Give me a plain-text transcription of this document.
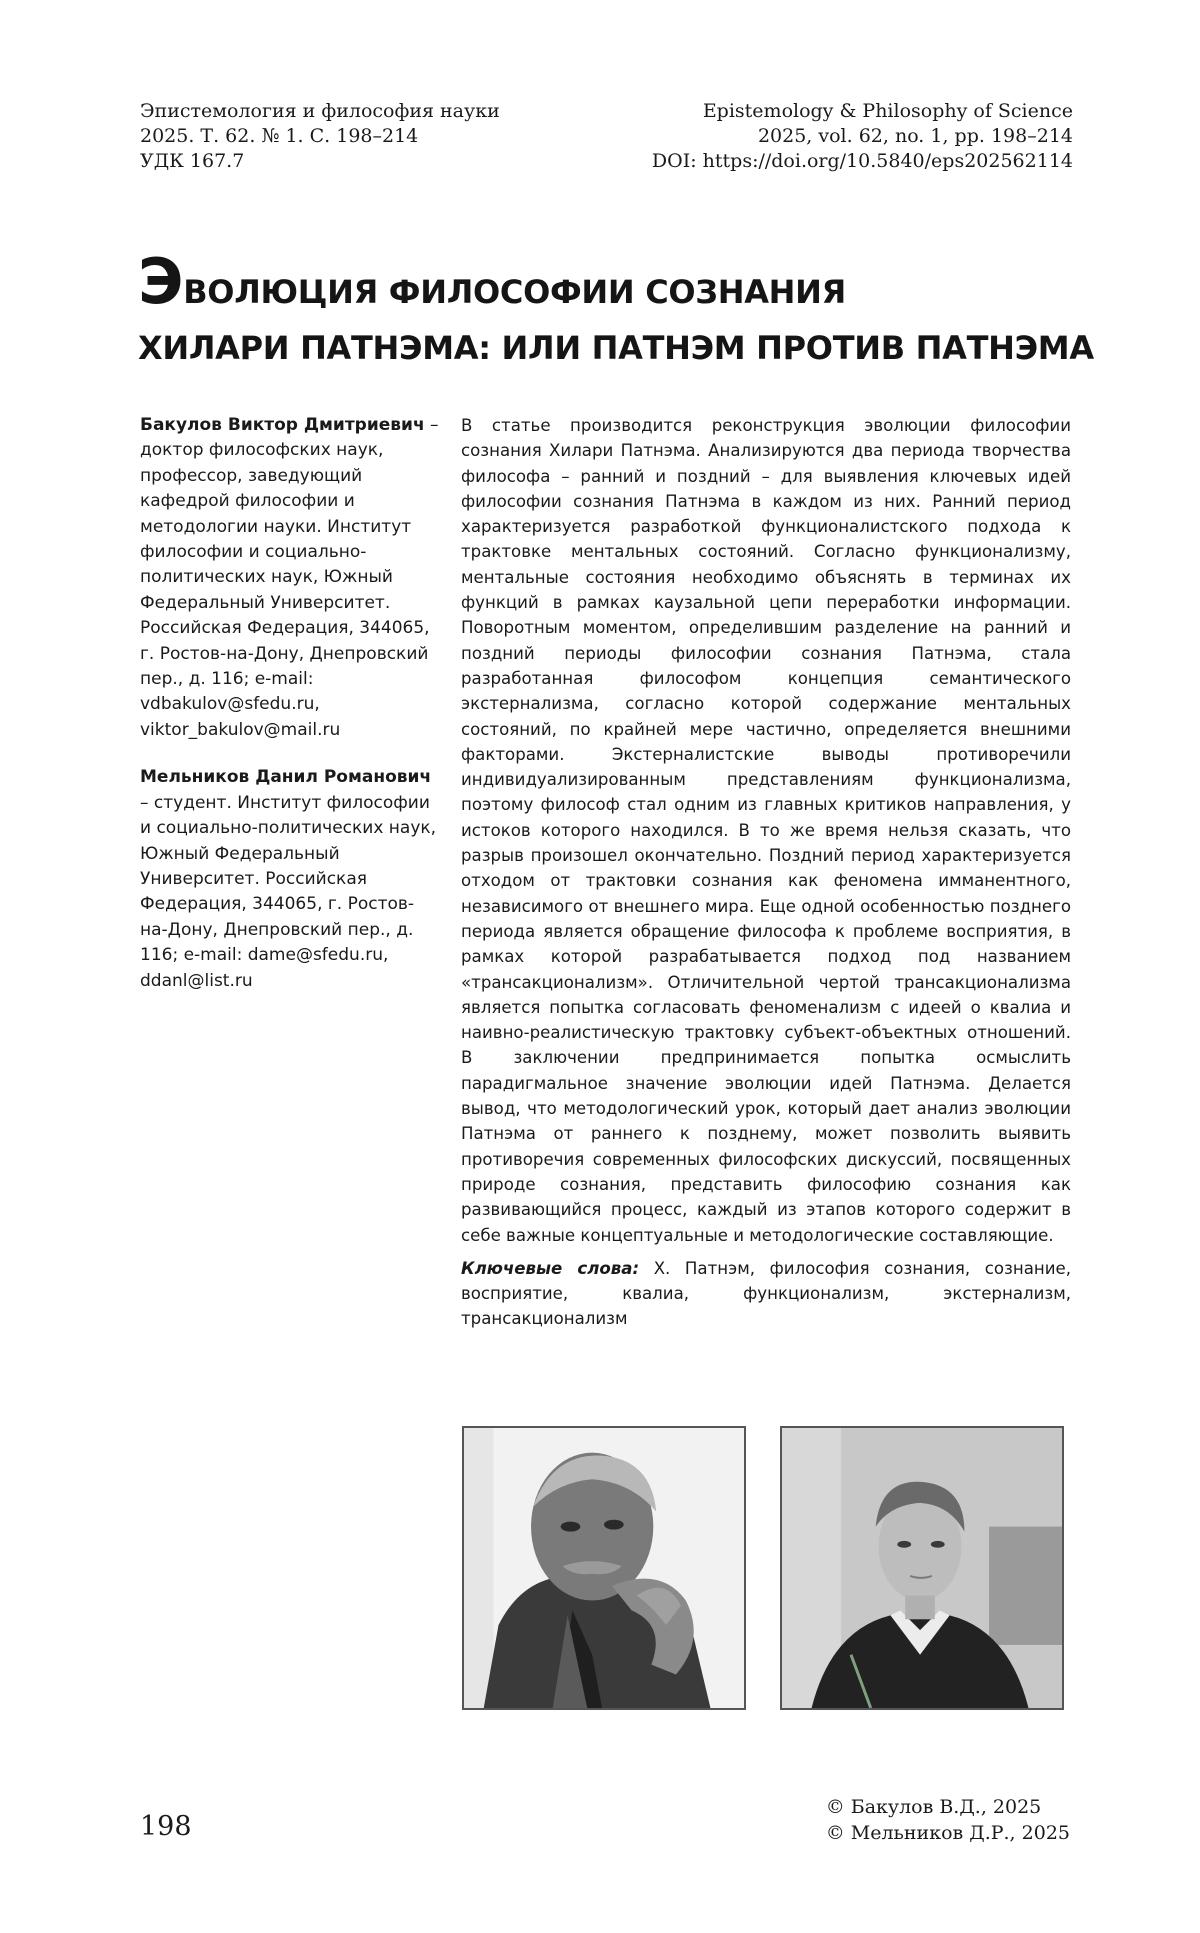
Эпистемология и философия науки
2025. Т. 62. № 1. С. 198–214
УДК 167.7
Epistemology & Philosophy of Science
2025, vol. 62, no. 1, pp. 198–214
DOI: https://doi.org/10.5840/eps202562114
ЭВОЛЮЦИЯ ФИЛОСОФИИ СОЗНАНИЯ
ХИЛАРИ ПАТНЭМА: ИЛИ ПАТНЭМ ПРОТИВ ПАТНЭМА
Бакулов Виктор Дмитриевич – доктор философских наук, профессор, заведующий кафедрой философии и методологии науки. Институт философии и социально-политических наук, Южный Федеральный Университет. Российская Федерация, 344065, г. Ростов-на-Дону, Днепровский пер., д. 116; e-mail: vdbakulov@sfedu.ru, viktor_bakulov@mail.ru
Мельников Данил Романович – студент. Институт философии и социально-политических наук, Южный Федеральный Университет. Российская Федерация, 344065, г. Ростов-на-Дону, Днепровский пер., д. 116; e-mail: dame@sfedu.ru, ddanl@list.ru

В статье производится реконструкция эволюции философии сознания Хилари Патнэма. Анализируются два периода творчества философа – ранний и поздний – для выявления ключевых идей философии сознания Патнэма в каждом из них. Ранний период характеризуется разработкой функционалистского подхода к трактовке ментальных состояний. Согласно функционализму, ментальные состояния необходимо объяснять в терминах их функций в рамках каузальной цепи переработки информации. Поворотным моментом, определившим разделение на ранний и поздний периоды философии сознания Патнэма, стала разработанная философом концепция семантического экстернализма, согласно которой содержание ментальных состояний, по крайней мере частично, определяется внешними факторами. Экстерналистские выводы противоречили индивидуализированным представлениям функционализма, поэтому философ стал одним из главных критиков направления, у истоков которого находился. В то же время нельзя сказать, что разрыв произошел окончательно. Поздний период характеризуется отходом от трактовки сознания как феномена имманентного, независимого от внешнего мира. Еще одной особенностью позднего периода является обращение философа к проблеме восприятия, в рамках которой разрабатывается подход под названием «трансакционализм». Отличительной чертой трансакционализма является попытка согласовать феноменализм с идеей о квалиа и наивно-реалистическую трактовку субъект-объектных отношений. В заключении предпринимается попытка осмыслить парадигмальное значение эволюции идей Патнэма. Делается вывод, что методологический урок, который дает анализ эволюции Патнэма от раннего к позднему, может позволить выявить противоречия современных философских дискуссий, посвященных природе сознания, представить философию сознания как развивающийся процесс, каждый из этапов которого содержит в себе важные концептуальные и методологические составляющие.

Ключевые слова: Х. Патнэм, философия сознания, сознание, восприятие, квалиа, функционализм, экстернализм, трансакционализм

198
© Бакулов В.Д., 2025
© Мельников Д.Р., 2025
